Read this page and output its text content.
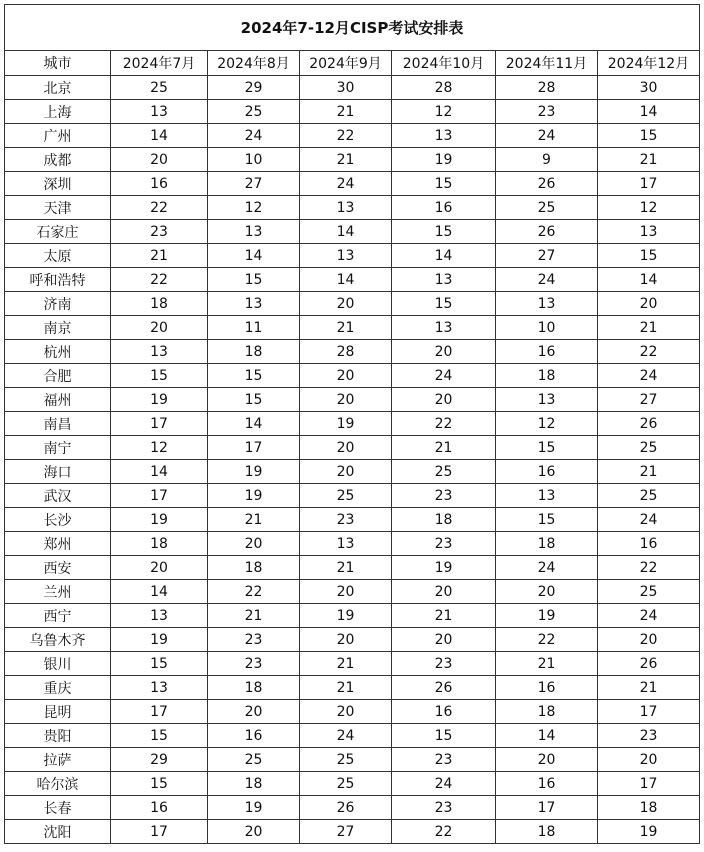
2024年7-12月CISP考试安排表						
城市	2024年7月	2024年8月	2024年9月	2024年10月	2024年11月	2024年12月
北京	25	29	30	28	28	30
上海	13	25	21	12	23	14
广州	14	24	22	13	24	15
成都	20	10	21	19	9	21
深圳	16	27	24	15	26	17
天津	22	12	13	16	25	12
石家庄	23	13	14	15	26	13
太原	21	14	13	14	27	15
呼和浩特	22	15	14	13	24	14
济南	18	13	20	15	13	20
南京	20	11	21	13	10	21
杭州	13	18	28	20	16	22
合肥	15	15	20	24	18	24
福州	19	15	20	20	13	27
南昌	17	14	19	22	12	26
南宁	12	17	20	21	15	25
海口	14	19	20	25	16	21
武汉	17	19	25	23	13	25
长沙	19	21	23	18	15	24
郑州	18	20	13	23	18	16
西安	20	18	21	19	24	22
兰州	14	22	20	20	20	25
西宁	13	21	19	21	19	24
乌鲁木齐	19	23	20	20	22	20
银川	15	23	21	23	21	26
重庆	13	18	21	26	16	21
昆明	17	20	20	16	18	17
贵阳	15	16	24	15	14	23
拉萨	29	25	25	23	20	20
哈尔滨	15	18	25	24	16	17
长春	16	19	26	23	17	18
沈阳	17	20	27	22	18	19
